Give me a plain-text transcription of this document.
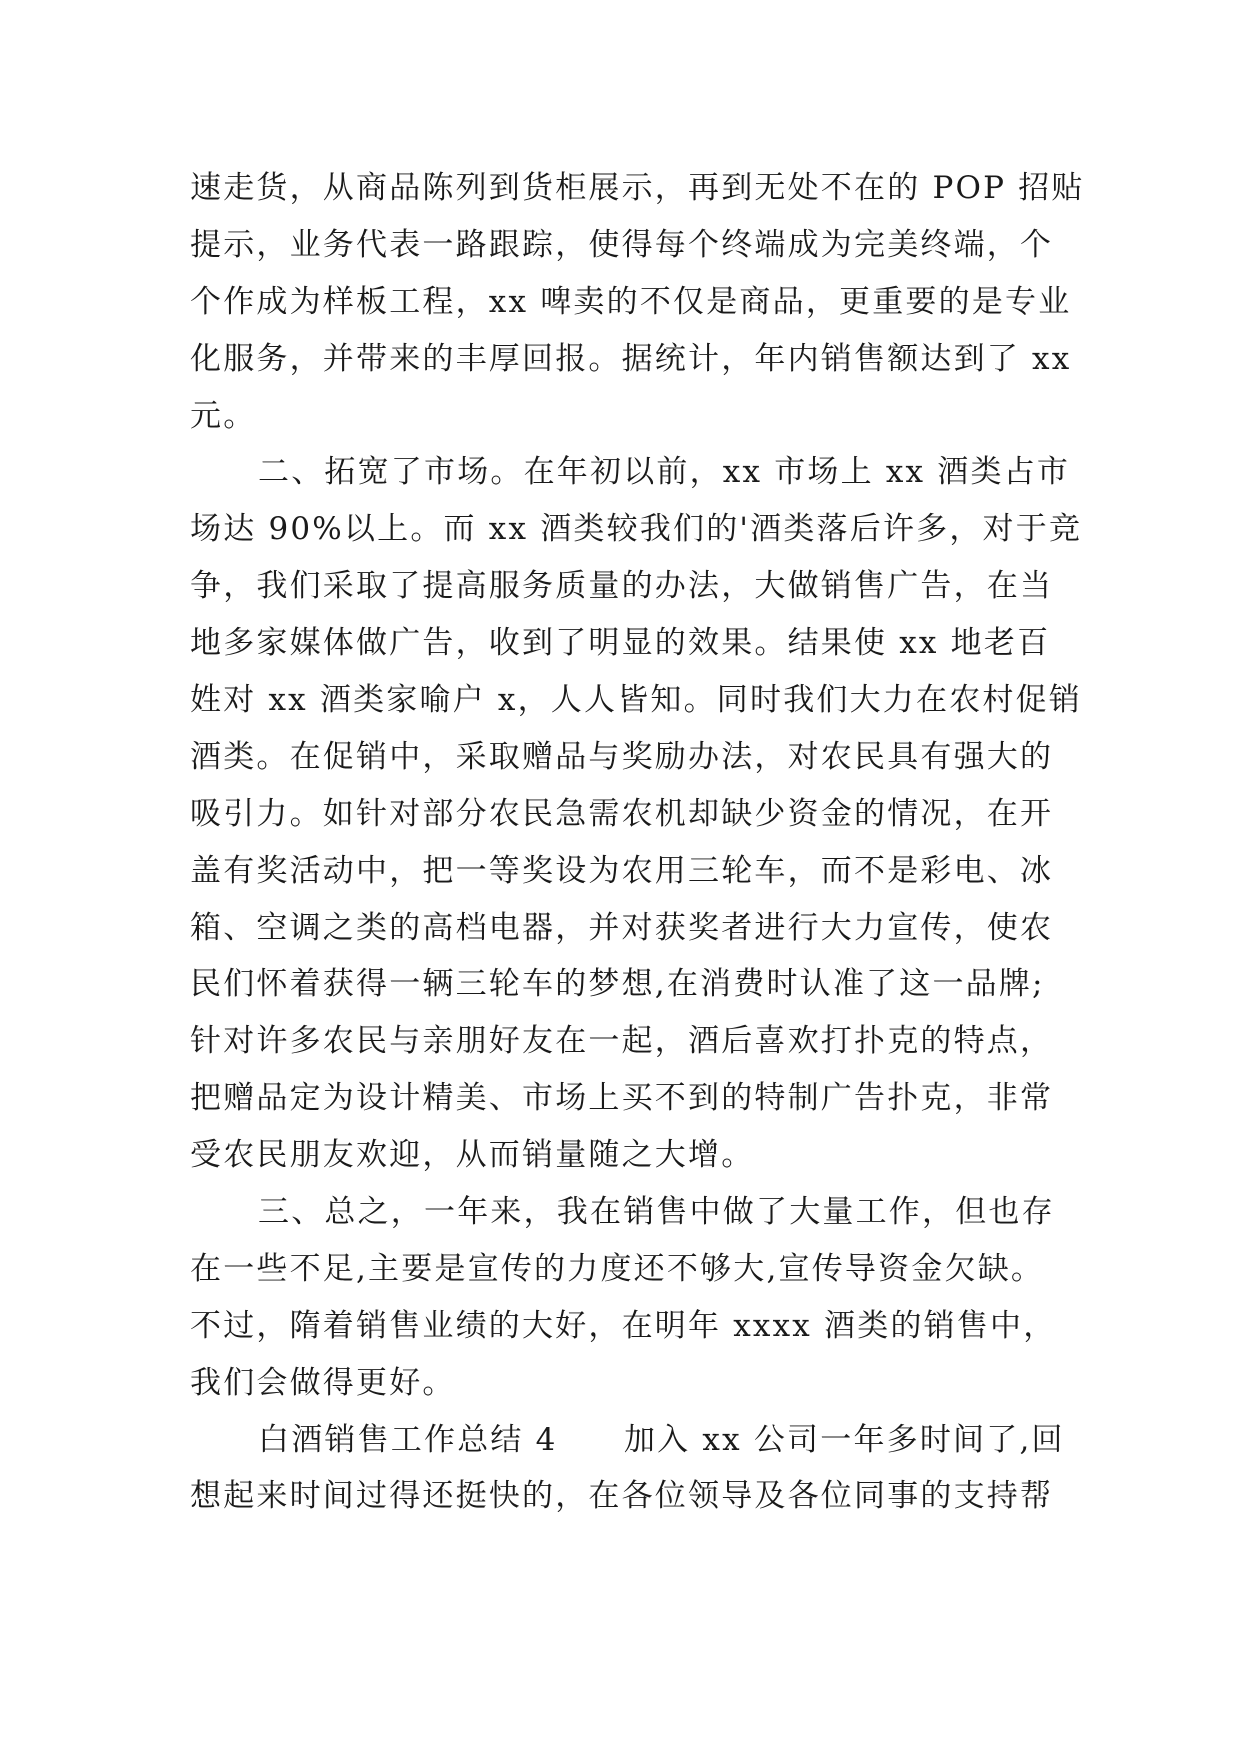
速走货，从商品陈列到货柜展示，再到无处不在的 POP 招贴
提示，业务代表一路跟踪，使得每个终端成为完美终端，个
个作成为样板工程，xx 啤卖的不仅是商品，更重要的是专业
化服务，并带来的丰厚回报。据统计，年内销售额达到了 xx
元。
二、拓宽了市场。在年初以前，xx 市场上 xx 酒类占市
场达 90%以上。而 xx 酒类较我们的'酒类落后许多，对于竞
争，我们采取了提高服务质量的办法，大做销售广告，在当
地多家媒体做广告，收到了明显的效果。结果使 xx 地老百
姓对 xx 酒类家喻户 x，人人皆知。同时我们大力在农村促销
酒类。在促销中，采取赠品与奖励办法，对农民具有强大的
吸引力。如针对部分农民急需农机却缺少资金的情况，在开
盖有奖活动中，把一等奖设为农用三轮车，而不是彩电、冰
箱、空调之类的高档电器，并对获奖者进行大力宣传，使农
民们怀着获得一辆三轮车的梦想,在消费时认准了这一品牌;
针对许多农民与亲朋好友在一起，酒后喜欢打扑克的特点，
把赠品定为设计精美、市场上买不到的特制广告扑克，非常
受农民朋友欢迎，从而销量随之大增。
三、总之，一年来，我在销售中做了大量工作，但也存
在一些不足,主要是宣传的力度还不够大,宣传导资金欠缺。
不过，隋着销售业绩的大好，在明年 xxxx 酒类的销售中，
我们会做得更好。
白酒销售工作总结 4　　加入 xx 公司一年多时间了,回
想起来时间过得还挺快的，在各位领导及各位同事的支持帮
